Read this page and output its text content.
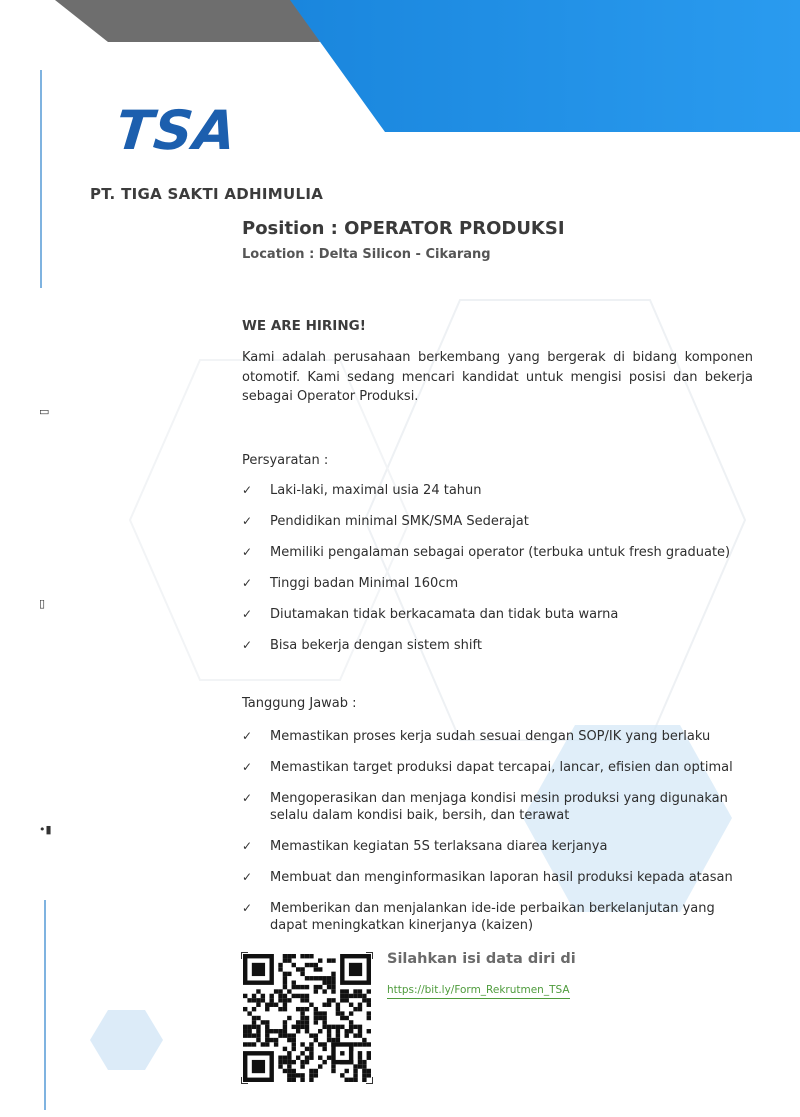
▭
▯
•▮
TSA
PT. TIGA SAKTI ADHIMULIA
Position : OPERATOR PRODUKSI
Location : Delta Silicon - Cikarang
WE ARE HIRING!
Kami adalah perusahaan berkembang yang bergerak di bidang komponen otomotif. Kami sedang mencari kandidat untuk mengisi posisi dan bekerja sebagai Operator Produksi.
Persyaratan :
✓ Laki-laki, maximal usia 24 tahun
✓ Pendidikan minimal SMK/SMA Sederajat
✓ Memiliki pengalaman sebagai operator (terbuka untuk fresh graduate)
✓ Tinggi badan Minimal 160cm
✓ Diutamakan tidak berkacamata dan tidak buta warna
✓ Bisa bekerja dengan sistem shift
Tanggung Jawab :
✓ Memastikan proses kerja sudah sesuai dengan SOP/IK yang berlaku
✓ Memastikan target produksi dapat tercapai, lancar, efisien dan optimal
✓ Mengoperasikan dan menjaga kondisi mesin produksi yang digunakan selalu dalam kondisi baik, bersih, dan terawat
✓ Memastikan kegiatan 5S terlaksana diarea kerjanya
✓ Membuat dan menginformasikan laporan hasil produksi kepada atasan
✓ Memberikan dan menjalankan ide-ide perbaikan berkelanjutan yang dapat meningkatkan kinerjanya (kaizen)
Silahkan isi data diri di
https://bit.ly/Form_Rekrutmen_TSA
